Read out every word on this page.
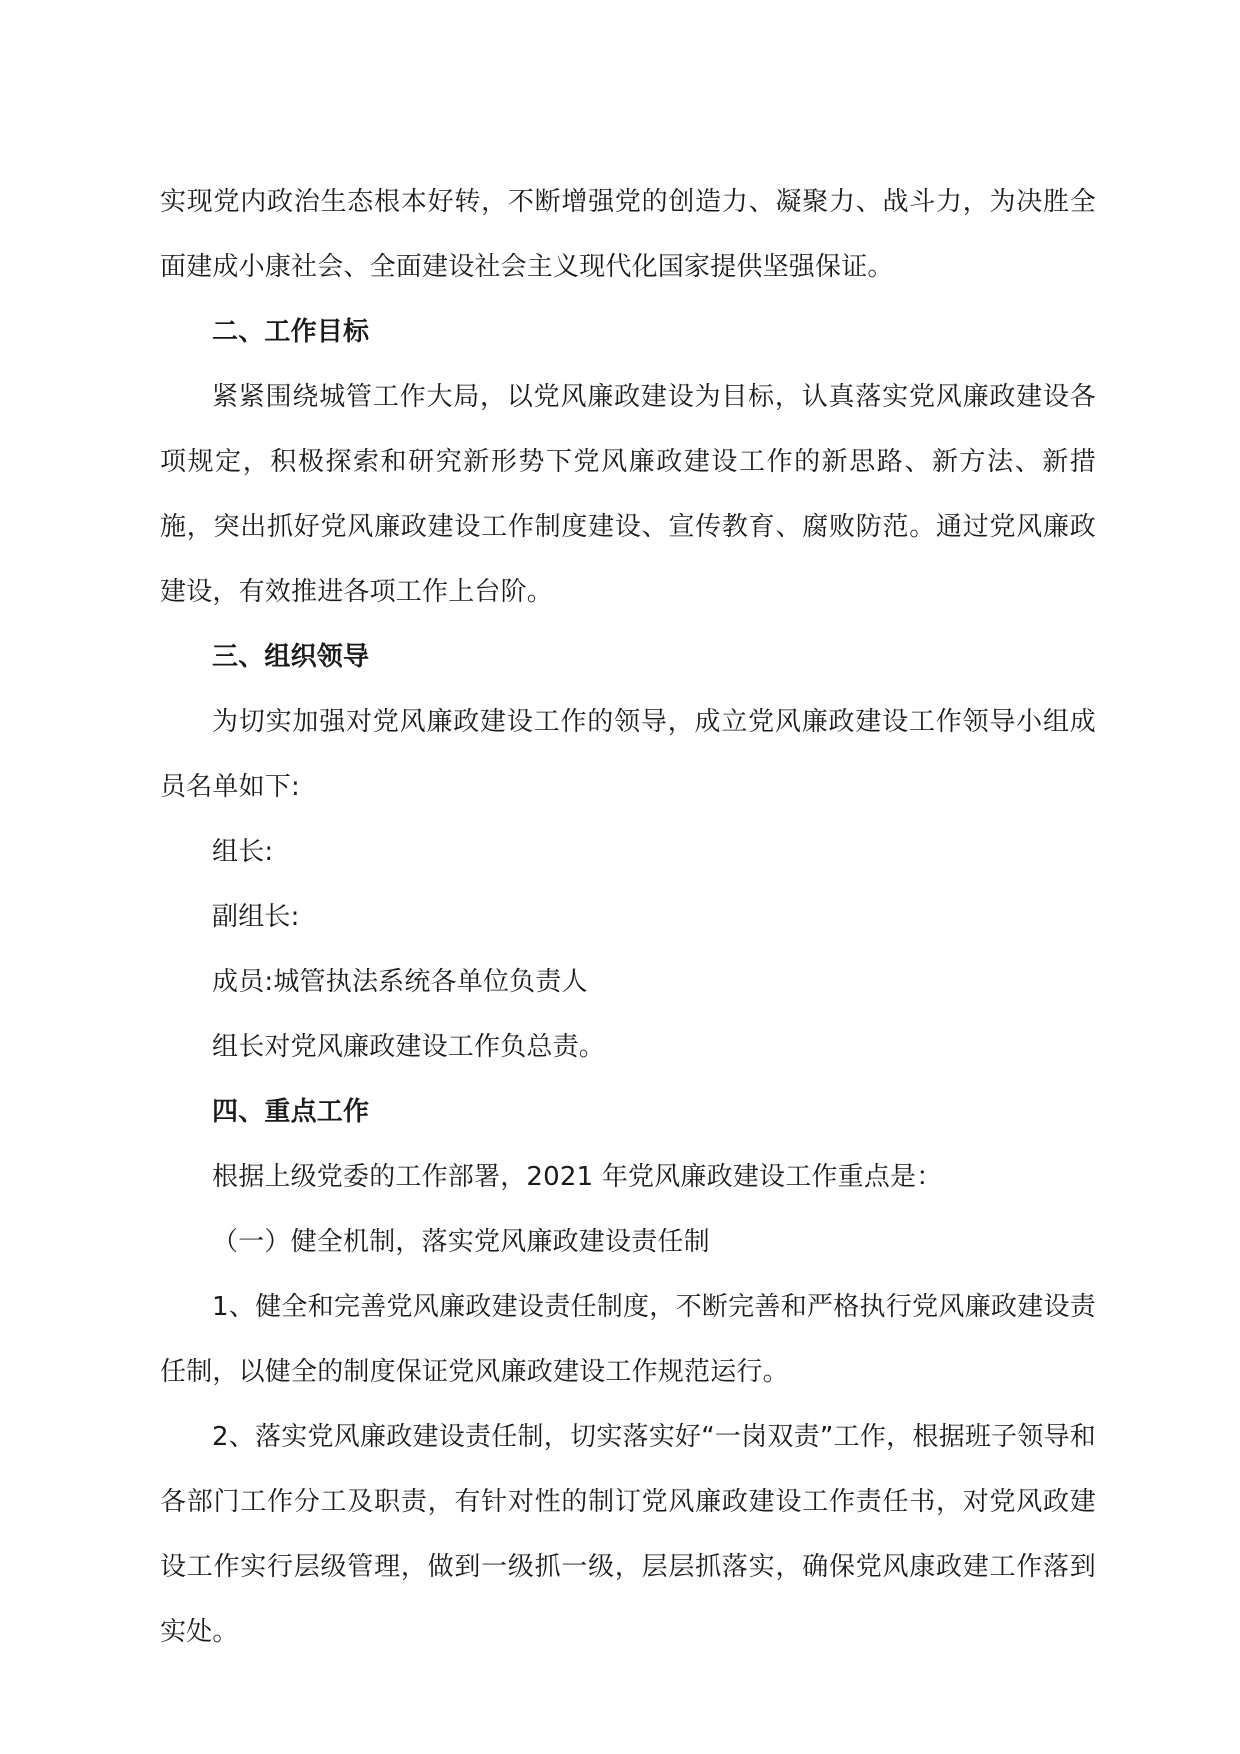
实现党内政治生态根本好转，不断增强党的创造力、凝聚力、战斗力，为决胜全面建成小康社会、全面建设社会主义现代化国家提供坚强保证。

二、工作目标

紧紧围绕城管工作大局，以党风廉政建设为目标，认真落实党风廉政建设各项规定，积极探索和研究新形势下党风廉政建设工作的新思路、新方法、新措施，突出抓好党风廉政建设工作制度建设、宣传教育、腐败防范。通过党风廉政建设，有效推进各项工作上台阶。

三、组织领导

为切实加强对党风廉政建设工作的领导，成立党风廉政建设工作领导小组成员名单如下:

组长:

副组长:

成员:城管执法系统各单位负责人

组长对党风廉政建设工作负总责。

四、重点工作

根据上级党委的工作部署，2021 年党风廉政建设工作重点是：

（一）健全机制，落实党风廉政建设责任制

1、健全和完善党风廉政建设责任制度，不断完善和严格执行党风廉政建设责任制，以健全的制度保证党风廉政建设工作规范运行。

2、落实党风廉政建设责任制，切实落实好“一岗双责”工作，根据班子领导和各部门工作分工及职责，有针对性的制订党风廉政建设工作责任书，对党风政建设工作实行层级管理，做到一级抓一级，层层抓落实，确保党风康政建工作落到实处。
